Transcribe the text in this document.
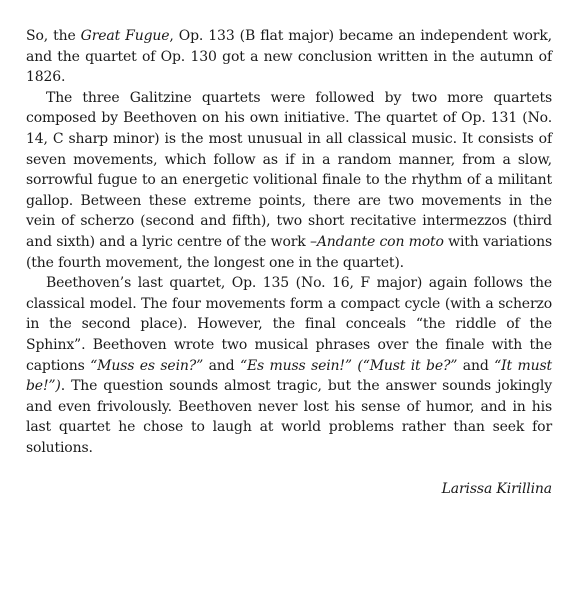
So, the Great Fugue, Op. 133 (B flat major) became an independent work, and the quartet of Op. 130 got a new conclusion written in the autumn of 1826.

The three Galitzine quartets were followed by two more quartets composed by Beethoven on his own initiative. The quartet of Op. 131 (No. 14, C sharp minor) is the most unusual in all classical music. It consists of seven movements, which follow as if in a random manner, from a slow, sorrowful fugue to an energetic volitional finale to the rhythm of a militant gallop. Between these extreme points, there are two movements in the vein of scherzo (second and fifth), two short recitative intermezzos (third and sixth) and a lyric centre of the work –Andante con moto with variations (the fourth movement, the longest one in the quartet).

Beethoven’s last quartet, Op. 135 (No. 16, F major) again follows the classical model. The four movements form a compact cycle (with a scherzo in the second place). However, the final conceals “the riddle of the Sphinx”. Beethoven wrote two musical phrases over the finale with the captions “Muss es sein?” and “Es muss sein!” (“Must it be?” and “It must be!”). The question sounds almost tragic, but the answer sounds jokingly and even frivolously. Beethoven never lost his sense of humor, and in his last quartet he chose to laugh at world problems rather than seek for solutions.

Larissa Kirillina
